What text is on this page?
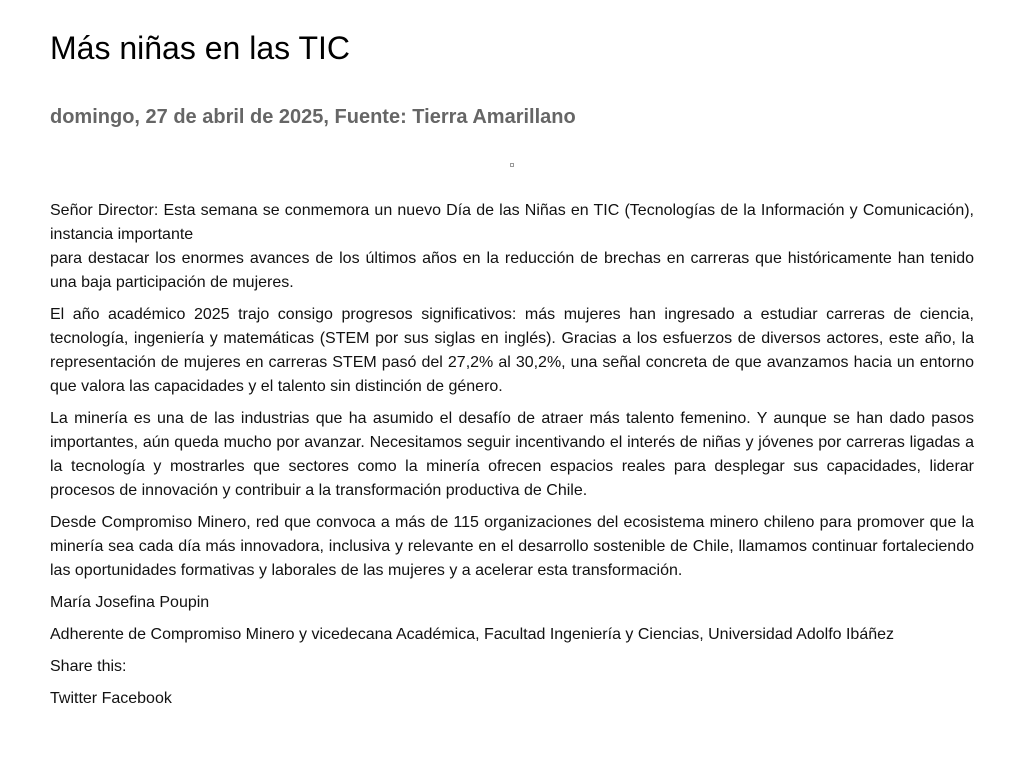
Más niñas en las TIC

domingo, 27 de abril de 2025, Fuente: Tierra Amarillano

Señor Director: Esta semana se conmemora un nuevo Día de las Niñas en TIC (Tecnologías de la Información y Comunicación), instancia importante

para destacar los enormes avances de los últimos años en la reducción de brechas en carreras que históricamente han tenido una baja participación de mujeres.

El año académico 2025 trajo consigo progresos significativos: más mujeres han ingresado a estudiar carreras de ciencia, tecnología, ingeniería y matemáticas (STEM por sus siglas en inglés). Gracias a los esfuerzos de diversos actores, este año, la representación de mujeres en carreras STEM pasó del 27,2% al 30,2%, una señal concreta de que avanzamos hacia un entorno que valora las capacidades y el talento sin distinción de género.

La minería es una de las industrias que ha asumido el desafío de atraer más talento femenino. Y aunque se han dado pasos importantes, aún queda mucho por avanzar. Necesitamos seguir incentivando el interés de niñas y jóvenes por carreras ligadas a la tecnología y mostrarles que sectores como la minería ofrecen espacios reales para desplegar sus capacidades, liderar procesos de innovación y contribuir a la transformación productiva de Chile.

Desde Compromiso Minero, red que convoca a más de 115 organizaciones del ecosistema minero chileno para promover que la minería sea cada día más innovadora, inclusiva y relevante en el desarrollo sostenible de Chile, llamamos continuar fortaleciendo las oportunidades formativas y laborales de las mujeres y a acelerar esta transformación.

María Josefina Poupin

Adherente de Compromiso Minero y vicedecana Académica, Facultad Ingeniería y Ciencias, Universidad Adolfo Ibáñez

Share this:

Twitter Facebook
